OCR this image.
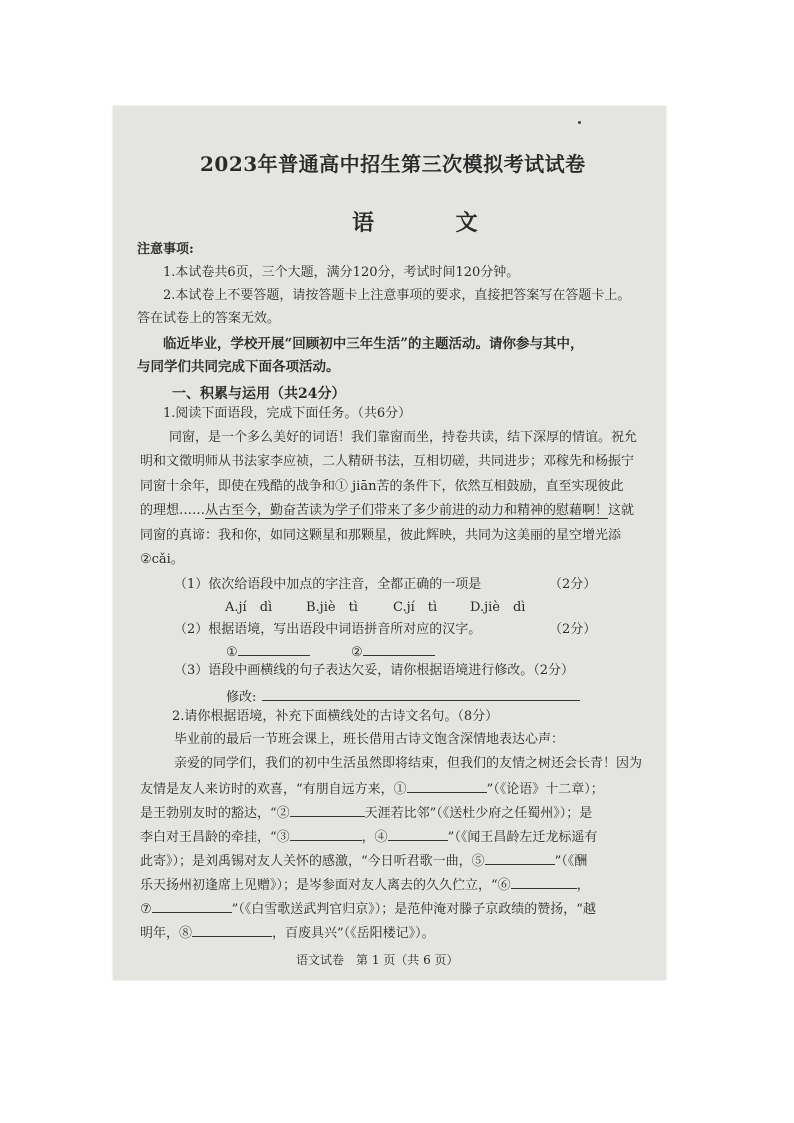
2023年普通高中招生第三次模拟考试试卷
语 文
注意事项:
1.本试卷共6页，三个大题，满分120分，考试时间120分钟。
2.本试卷上不要答题，请按答题卡上注意事项的要求，直接把答案写在答题卡上。
答在试卷上的答案无效。
临近毕业，学校开展“回顾初中三年生活”的主题活动。请你参与其中，
与同学们共同完成下面各项活动。
一、积累与运用（共24分）
1.阅读下面语段，完成下面任务。（共6分）
同窗，是一个多么美好的词语！我们靠窗而坐，持卷共读，结下深厚的情谊。祝允
明和文徵明师从书法家李应祯，二人精研书法，互相切磋，共同进步；邓稼先和杨振宁
同窗十余年，即使在残酷的战争和① jiān苦的条件下，依然互相鼓励，直至实现彼此
的理想……从古至今，勤奋苦读为学子们带来了多少前进的动力和精神的慰藉啊！这就
同窗的真谛：我和你，如同这颗星和那颗星，彼此辉映，共同为这美丽的星空增光添
②cǎi。
（1）依次给语段中加点的字注音，全都正确的一项是	（2分）
A.jí　dì	B.jiè　tì	C.jí　tì	D.jiè　dì
（2）根据语境，写出语段中词语拼音所对应的汉字。	（2分）
①	②
（3）语段中画横线的句子表达欠妥，请你根据语境进行修改。（2分）
修改:
2.请你根据语境，补充下面横线处的古诗文名句。（8分）
毕业前的最后一节班会课上，班长借用古诗文饱含深情地表达心声：
亲爱的同学们，我们的初中生活虽然即将结束，但我们的友情之树还会长青！因为
友情是友人来访时的欢喜，“有朋自远方来，①	”（《论语》十二章）；
是王勃别友时的豁达，“②	天涯若比邻”（《送杜少府之任蜀州》）；是
李白对王昌龄的牵挂，“③	，④	”（《闻王昌龄左迁龙标遥有
此寄》）；是刘禹锡对友人关怀的感激，“今日听君歌一曲，⑤	”（《酬
乐天扬州初逢席上见赠》）；是岑参面对友人离去的久久伫立，“⑥	，
⑦	”（《白雪歌送武判官归京》）；是范仲淹对滕子京政绩的赞扬，“越
明年，⑧	，百废具兴”（《岳阳楼记》）。
语文试卷　第 1 页（共 6 页）
